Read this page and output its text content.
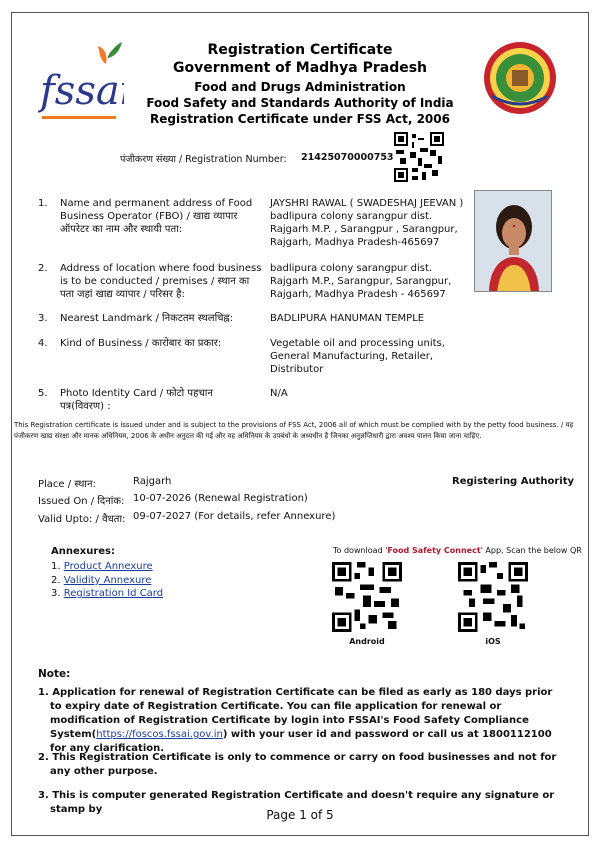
fssai
Registration Certificate
Government of Madhya Pradesh
Food and Drugs Administration
Food Safety and Standards Authority of India
Registration Certificate under FSS Act, 2006
पंजीकरण संख्या / Registration Number: 21425070000753
1. Name and permanent address of Food Business Operator (FBO) / खाद्य व्यापार ऑपरेटर का नाम और स्थायी पता:
JAYSHRI RAWAL ( SWADESHAJ JEEVAN ) badlipura colony sarangpur dist. Rajgarh M.P. , Sarangpur , Sarangpur, Rajgarh, Madhya Pradesh-465697
2. Address of location where food business is to be conducted / premises / स्थान का पता जहां खाद्य व्यापार / परिसर है:
badlipura colony sarangpur dist. Rajgarh M.P., Sarangpur, Sarangpur, Rajgarh, Madhya Pradesh - 465697
3. Nearest Landmark / निकटतम स्थलचिह्न:	BADLIPURA HANUMAN TEMPLE
4. Kind of Business / कारोबार का प्रकार:	Vegetable oil and processing units, General Manufacturing, Retailer, Distributor
5. Photo Identity Card / फोटो पहचान पत्र(विवरण) :
N/A
This Registration certificate is issued under and is subject to the provisions of FSS Act, 2006 all of which must be complied with by the petty food business. / यह पंजीकरण खाद्य संरक्षा और मानक अधिनियम, 2006 के अधीन अनुदत्त की गई और वह अधिनियम के उपबंधो के अध्यधीन है जिनका अनुज्ञप्तिधारी द्वारा अवश्य पालन किया जाना चाहिए.
Place / स्थान:	Rajgarh	Registering Authority
Issued On / दिनांक: 10-07-2026 (Renewal Registration)
Valid Upto: / वैधता: 09-07-2027 (For details, refer Annexure)
Annexures:
1. Product Annexure
2. Validity Annexure
3. Registration Id Card
To download 'Food Safety Connect' App, Scan the below QR
Android	iOS
Note:
1. Application for renewal of Registration Certificate can be filed as early as 180 days prior to expiry date of Registration Certificate. You can file application for renewal or modification of Registration Certificate by login into FSSAI's Food Safety Compliance System(https://foscos.fssai.gov.in) with your user id and password or call us at 1800112100 for any clarification.
2. This Registration Certificate is only to commence or carry on food businesses and not for any other purpose.
3. This is computer generated Registration Certificate and doesn't require any signature or stamp by	Page 1 of 5
